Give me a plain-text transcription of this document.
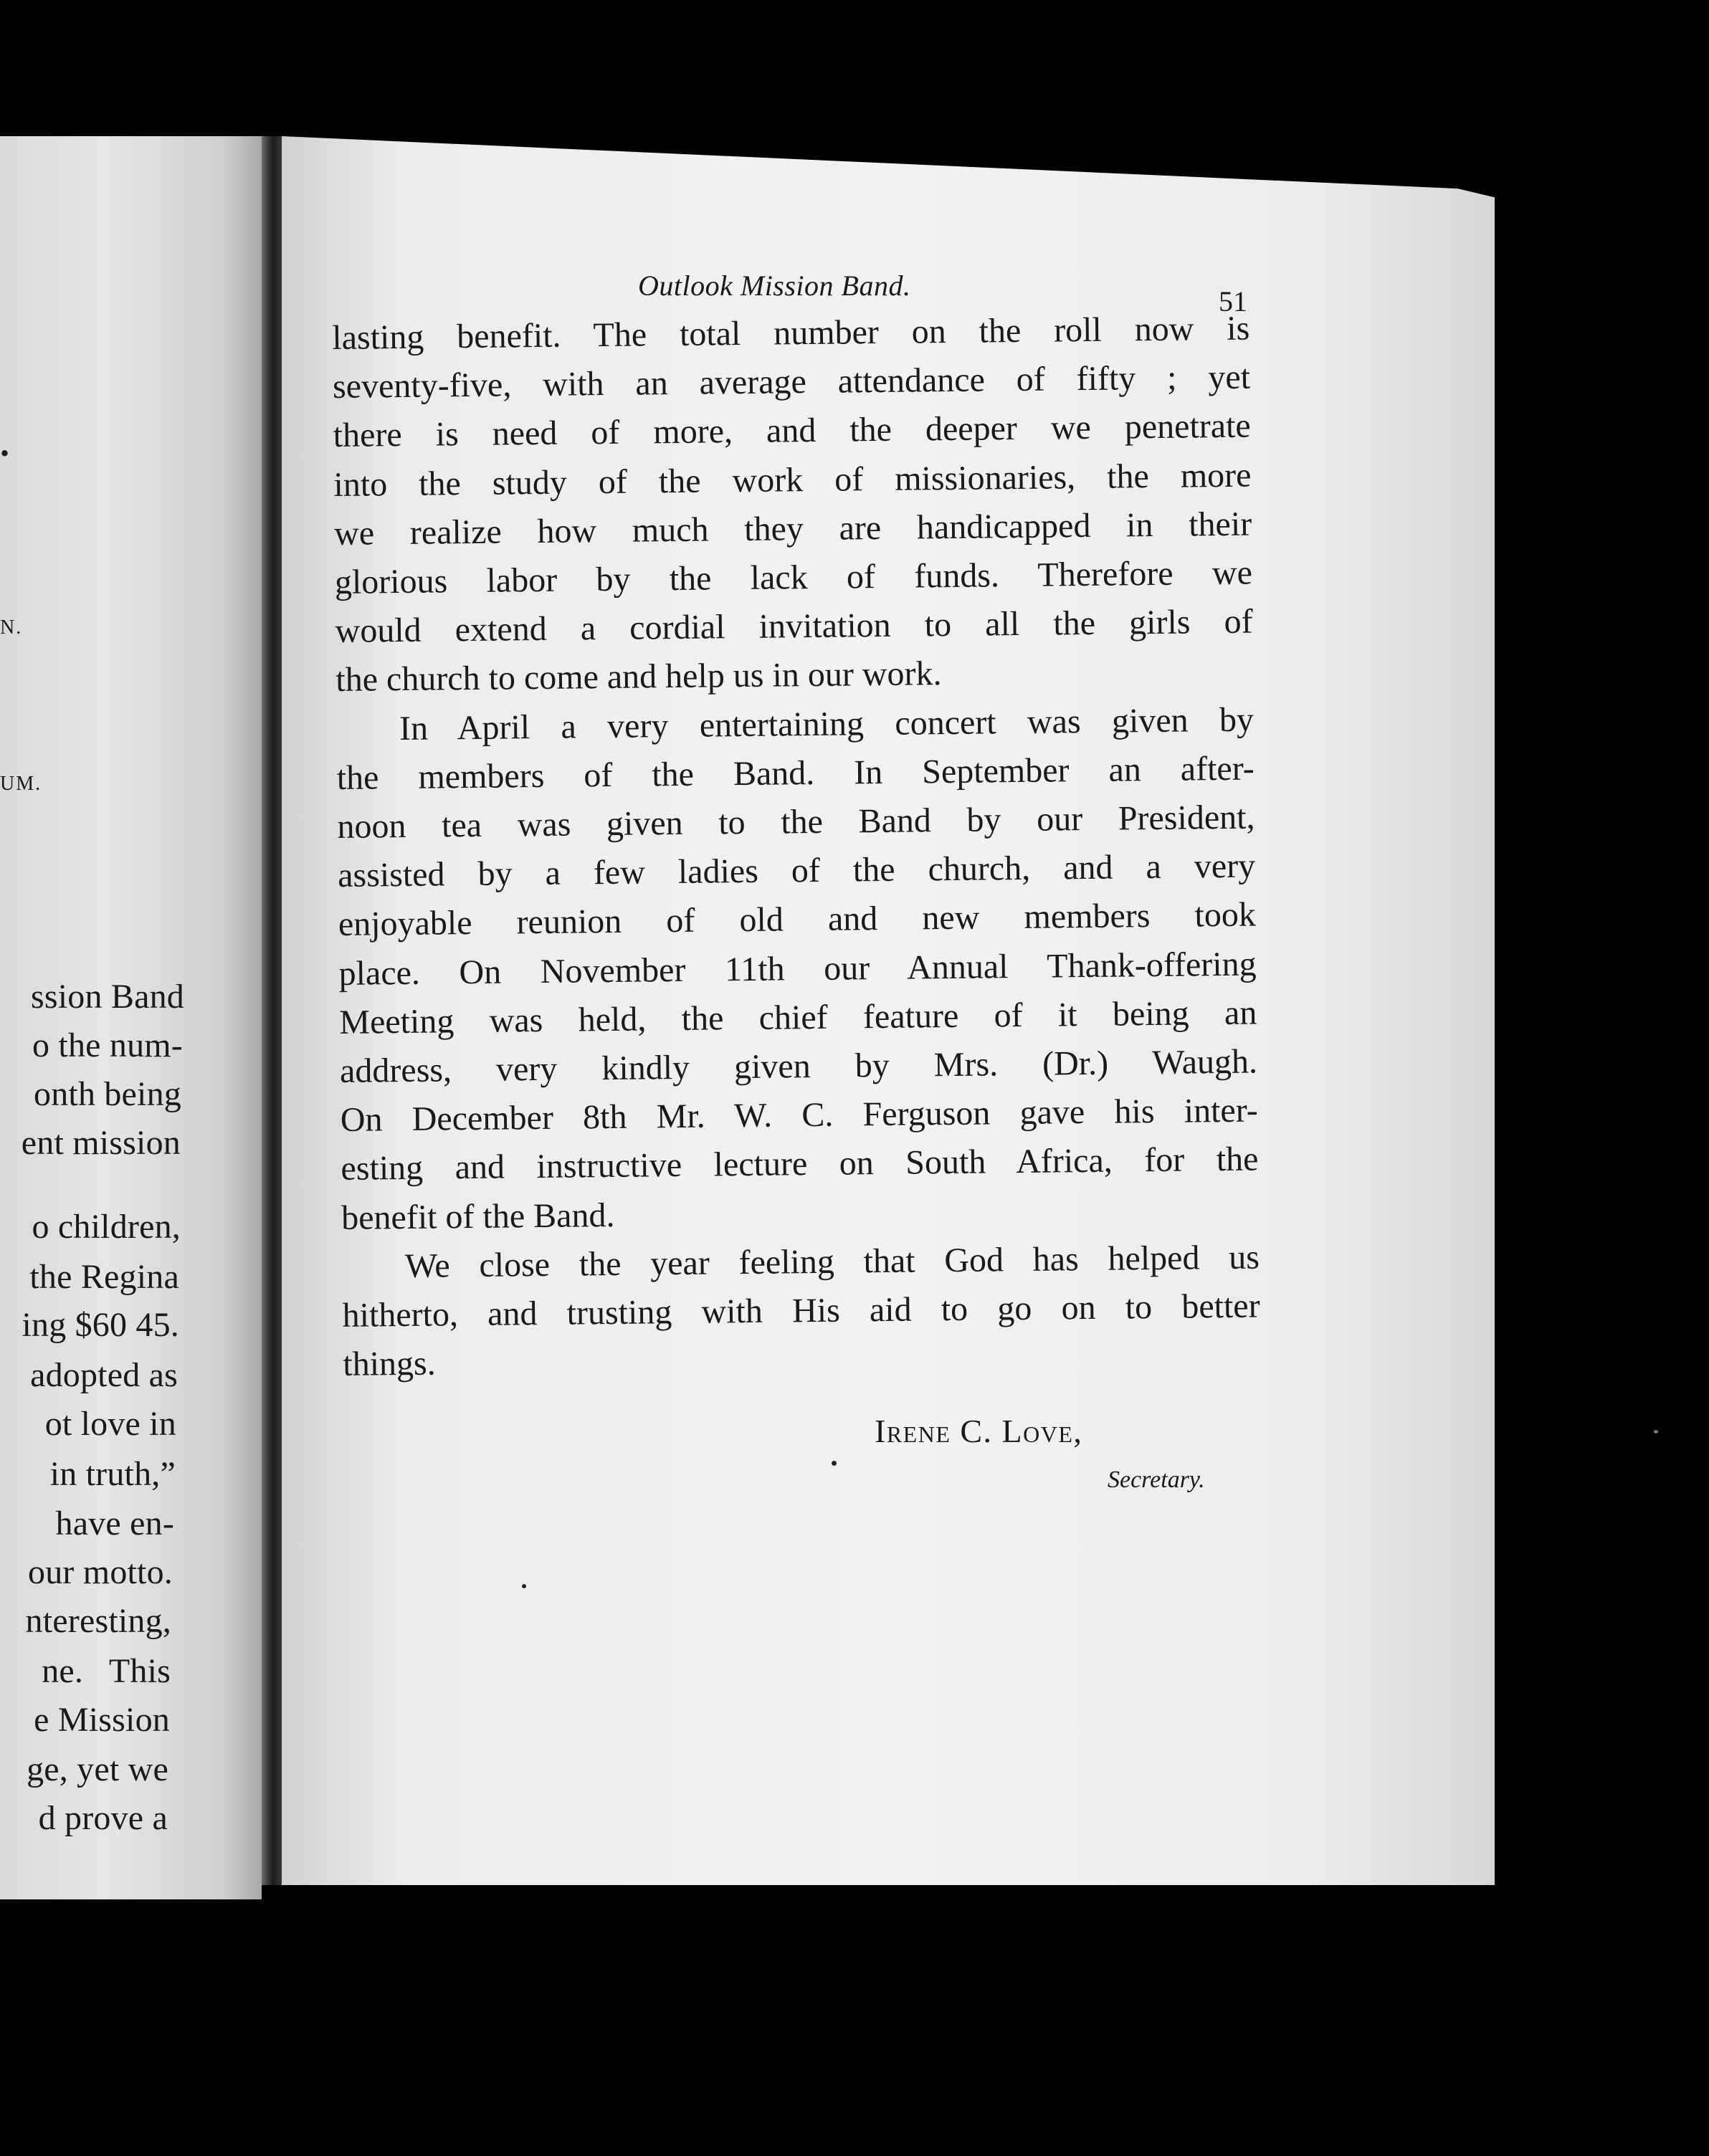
.
N.
UM.
ssion Band
o the num-
onth being
ent mission
o children,
the Regina
ing $60 45.
adopted as
ot love in
in truth,”
have en-
our motto.
nteresting,
ne.   This
e Mission
ge, yet we
d prove a
Outlook Mission Band.	51
lasting benefit. The total number on the roll now is
seventy-five, with an average attendance of fifty ; yet
there is need of more, and the deeper we penetrate
into the study of the work of missionaries, the more
we realize how much they are handicapped in their
glorious labor by the lack of funds. Therefore we
would extend a cordial invitation to all the girls of
the church to come and help us in our work.
In April a very entertaining concert was given by
the members of the Band. In September an after-
noon tea was given to the Band by our President,
assisted by a few ladies of the church, and a very
enjoyable reunion of old and new members took
place. On November 11th our Annual Thank-offering
Meeting was held, the chief feature of it being an
address, very kindly given by Mrs. (Dr.) Waugh.
On December 8th Mr. W. C. Ferguson gave his inter-
esting and instructive lecture on South Africa, for the
benefit of the Band.
We close the year feeling that God has helped us
hitherto, and trusting with His aid to go on to better
things.
Irene C. Love,
Secretary.
